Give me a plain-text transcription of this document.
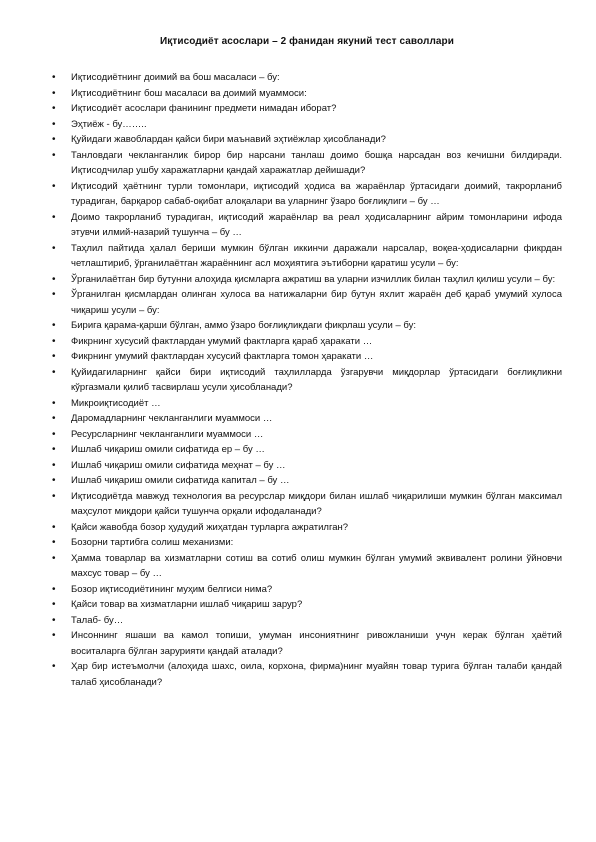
Иқтисодиёт асослари – 2 фанидан якуний тест саволлари
• Иқтисодиётнинг доимий ва бош масаласи – бу:
• Иқтисодиётнинг бош масаласи ва доимий муаммоси:
• Иқтисодиёт асослари фанининг предмети нимадан иборат?
• Эҳтиёж - бу……..
• Қуйидаги жавоблардан қайси бири маънавий эҳтиёжлар ҳисобланади?
• Танловдаги чекланганлик бирор бир нарсани танлаш доимо бошқа нарсадан воз кечишни билдиради. Иқтисодчилар ушбу харажатларни қандай харажатлар дейишади?
• Иқтисодий ҳаётнинг турли томонлари, иқтисодий ҳодиса ва жараёнлар ўртасидаги доимий, такрорланиб турадиган, барқарор сабаб-оқибат алоқалари ва уларнинг ўзаро боғлиқлиги – бу …
• Доимо такрорланиб турадиган, иқтисодий жараёнлар ва реал ҳодисаларнинг айрим томонларини ифода этувчи илмий-назарий тушунча – бу …
• Таҳлил пайтида ҳалал бериши мумкин бўлган иккинчи даражали нарсалар, воқеа-ҳодисаларни фикрдан четлаштириб, ўрганилаётган жараённинг асл моҳиятига эътиборни қаратиш усули – бу:
• Ўрганилаётган бир бутунни алоҳида қисмларга ажратиш ва уларни изчиллик билан таҳлил қилиш усули – бу:
• Ўрганилган қисмлардан олинган хулоса ва натижаларни бир бутун яхлит жараён деб қараб умумий хулоса чиқариш усули – бу:
• Бирига қарама-қарши бўлган, аммо ўзаро боғлиқликдаги фикрлаш усули – бу:
• Фикрнинг хусусий фактлардан умумий фактларга қараб ҳаракати …
• Фикрнинг умумий фактлардан хусусий фактларга томон ҳаракати …
• Қуйидагиларнинг қайси бири иқтисодий таҳлилларда ўзгарувчи миқдорлар ўртасидаги боғлиқликни кўргазмали қилиб тасвирлаш усули ҳисобланади?
• Микроиқтисодиёт …
• Даромадларнинг чекланганлиги муаммоси …
• Ресурсларнинг чекланганлиги муаммоси …
• Ишлаб чиқариш омили сифатида ер – бу …
• Ишлаб чиқариш омили сифатида меҳнат – бу …
• Ишлаб чиқариш омили сифатида капитал – бу …
• Иқтисодиётда мавжуд технология ва ресурслар миқдори билан ишлаб чиқарилиши мумкин бўлган максимал маҳсулот миқдори қайси тушунча орқали ифодаланади?
• Қайси жавобда бозор ҳудудий жиҳатдан турларга ажратилган?
• Бозорни тартибга солиш механизми:
• Ҳамма товарлар ва хизматларни сотиш ва сотиб олиш мумкин бўлган умумий эквивалент ролини ўйновчи махсус товар – бу …
• Бозор иқтисодиётининг муҳим белгиси нима?
• Қайси товар ва хизматларни ишлаб чиқариш зарур?
• Талаб- бу…
• Инсоннинг яшаши ва камол топиши, умуман инсониятнинг ривожланиши учун керак бўлган ҳаётий воситаларга бўлган зарурияти қандай аталади?
• Ҳар бир истеъмолчи (алоҳида шахс, оила, корхона, фирма)нинг муайян товар турига бўлган талаби қандай талаб ҳисобланади?
